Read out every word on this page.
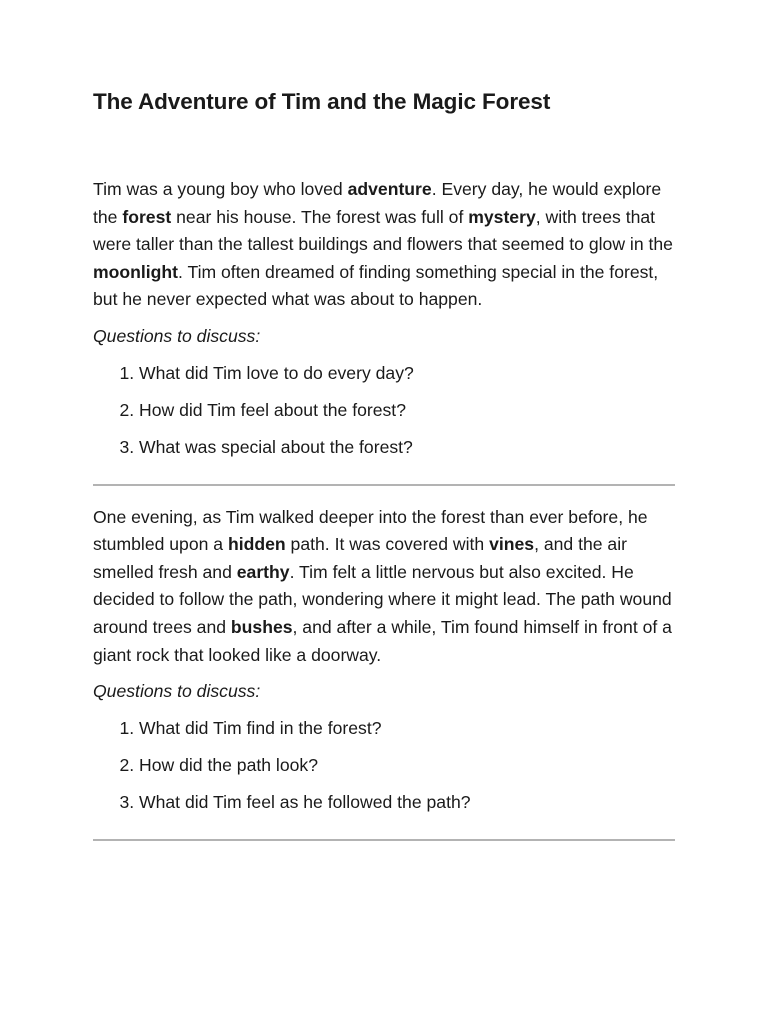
The Adventure of Tim and the Magic Forest

Tim was a young boy who loved adventure. Every day, he would explore the forest near his house. The forest was full of mystery, with trees that were taller than the tallest buildings and flowers that seemed to glow in the moonlight. Tim often dreamed of finding something special in the forest, but he never expected what was about to happen.

Questions to discuss:

1. What did Tim love to do every day?
2. How did Tim feel about the forest?
3. What was special about the forest?

One evening, as Tim walked deeper into the forest than ever before, he stumbled upon a hidden path. It was covered with vines, and the air smelled fresh and earthy. Tim felt a little nervous but also excited. He decided to follow the path, wondering where it might lead. The path wound around trees and bushes, and after a while, Tim found himself in front of a giant rock that looked like a doorway.

Questions to discuss:

1. What did Tim find in the forest?
2. How did the path look?
3. What did Tim feel as he followed the path?
